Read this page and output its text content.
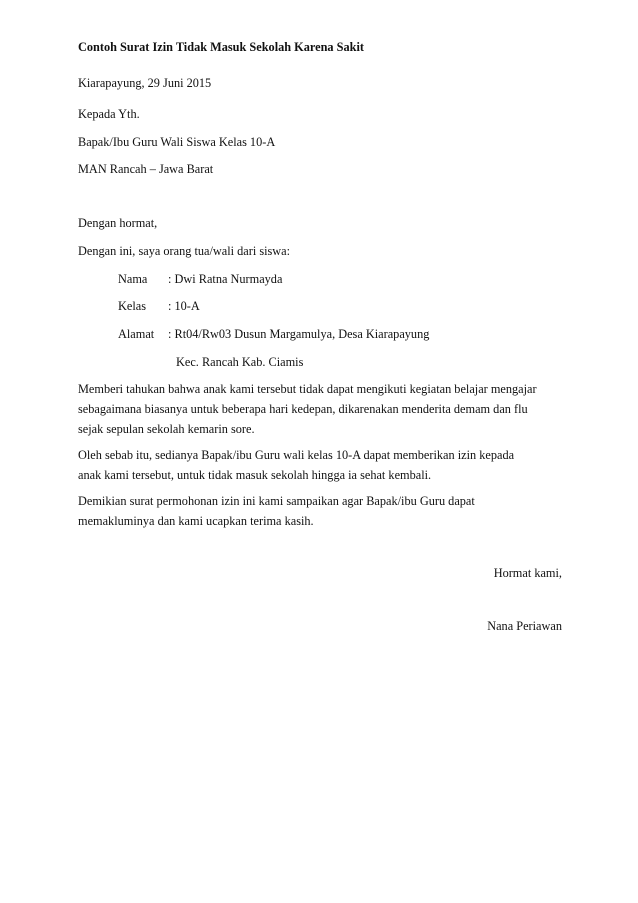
Contoh Surat Izin Tidak Masuk Sekolah Karena Sakit
Kiarapayung, 29 Juni 2015
Kepada Yth.
Bapak/Ibu Guru Wali Siswa Kelas 10-A
MAN Rancah – Jawa Barat
Dengan hormat,
Dengan ini, saya orang tua/wali dari siswa:
Nama : Dwi Ratna Nurmayda
Kelas : 10-A
Alamat : Rt04/Rw03 Dusun Margamulya, Desa Kiarapayung
Kec. Rancah Kab. Ciamis
Memberi tahukan bahwa anak kami tersebut tidak dapat mengikuti kegiatan belajar mengajar
sebagaimana biasanya untuk beberapa hari kedepan, dikarenakan menderita demam dan flu
sejak sepulan sekolah kemarin sore.
Oleh sebab itu, sedianya Bapak/ibu Guru wali kelas 10-A dapat memberikan izin kepada
anak kami tersebut, untuk tidak masuk sekolah hingga ia sehat kembali.
Demikian surat permohonan izin ini kami sampaikan agar Bapak/ibu Guru dapat
memakluminya dan kami ucapkan terima kasih.
Hormat kami,
Nana Periawan
